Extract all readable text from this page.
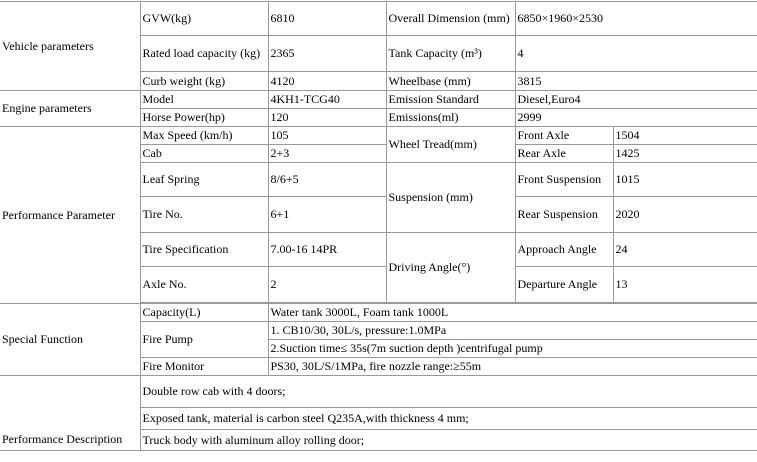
Vehicle parameters	GVW(kg)	6810	Overall Dimension (mm)	6850×1960×2530	
	Rated load capacity (kg)	2365	Tank Capacity (m³)	4	
	Curb weight (kg)	4120	Wheelbase (mm)	3815	
Engine parameters	Model	4KH1-TCG40	Emission Standard	Diesel,Euro4	
	Horse Power(hp)	120	Emissions(ml)	2999	
Performance Parameter	Max Speed (km/h)	105	Wheel Tread(mm)	Front Axle	1504
	Cab	2+3		Rear Axle	1425
	Leaf Spring	8/6+5	Suspension (mm)	Front Suspension	1015
	Tire No.	6+1		Rear Suspension	2020
	Tire Specification	7.00-16 14PR	Driving Angle(°)	Approach Angle	24
	Axle No.	2		Departure Angle	13

Special Function	Capacity(L)	Water tank 3000L, Foam tank 1000L			
	Fire Pump	1. CB10/30, 30L/s, pressure:1.0MPa			
		2.Suction time≤ 35s(7m suction depth )centrifugal pump			
	Fire Monitor	PS30, 30L/S/1MPa, fire nozzle range:≥55m			
Performance Description	Double row cab with 4 doors;				
	Exposed tank, material is carbon steel Q235A,with thickness 4 mm;				
	Truck body with aluminum alloy rolling door;				
